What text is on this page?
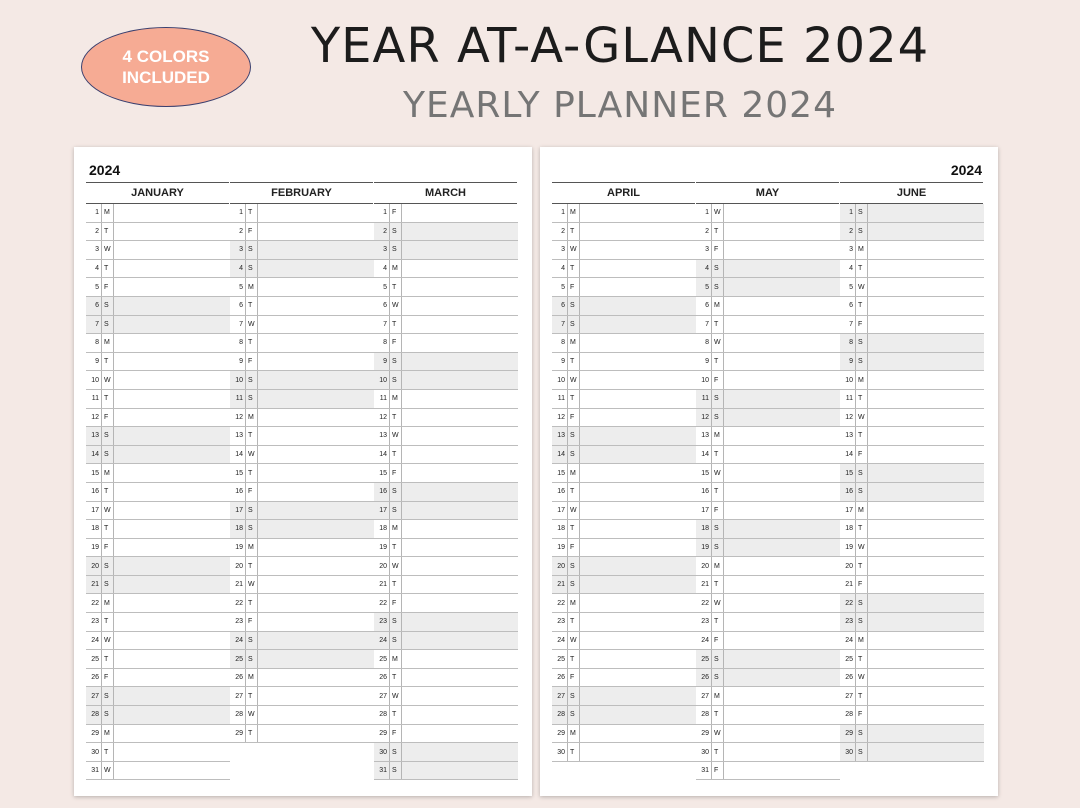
4 COLORS
INCLUDED
YEAR AT-A-GLANCE 2024
YEARLY PLANNER 2024
2024
JANUARY
1 M
2 T
3 W
4 T
5 F
6 S
7 S
8 M
9 T
10 W
11 T
12 F
13 S
14 S
15 M
16 T
17 W
18 T
19 F
20 S
21 S
22 M
23 T
24 W
25 T
26 F
27 S
28 S
29 M
30 T
31 W
FEBRUARY
1 T
2 F
3 S
4 S
5 M
6 T
7 W
8 T
9 F
10 S
11 S
12 M
13 T
14 W
15 T
16 F
17 S
18 S
19 M
20 T
21 W
22 T
23 F
24 S
25 S
26 M
27 T
28 W
29 T
MARCH
1 F
2 S
3 S
4 M
5 T
6 W
7 T
8 F
9 S
10 S
11 M
12 T
13 W
14 T
15 F
16 S
17 S
18 M
19 T
20 W
21 T
22 F
23 S
24 S
25 M
26 T
27 W
28 T
29 F
30 S
31 S
2024
APRIL
1 M
2 T
3 W
4 T
5 F
6 S
7 S
8 M
9 T
10 W
11 T
12 F
13 S
14 S
15 M
16 T
17 W
18 T
19 F
20 S
21 S
22 M
23 T
24 W
25 T
26 F
27 S
28 S
29 M
30 T
MAY
1 W
2 T
3 F
4 S
5 S
6 M
7 T
8 W
9 T
10 F
11 S
12 S
13 M
14 T
15 W
16 T
17 F
18 S
19 S
20 M
21 T
22 W
23 T
24 F
25 S
26 S
27 M
28 T
29 W
30 T
31 F
JUNE
1 S
2 S
3 M
4 T
5 W
6 T
7 F
8 S
9 S
10 M
11 T
12 W
13 T
14 F
15 S
16 S
17 M
18 T
19 W
20 T
21 F
22 S
23 S
24 M
25 T
26 W
27 T
28 F
29 S
30 S
